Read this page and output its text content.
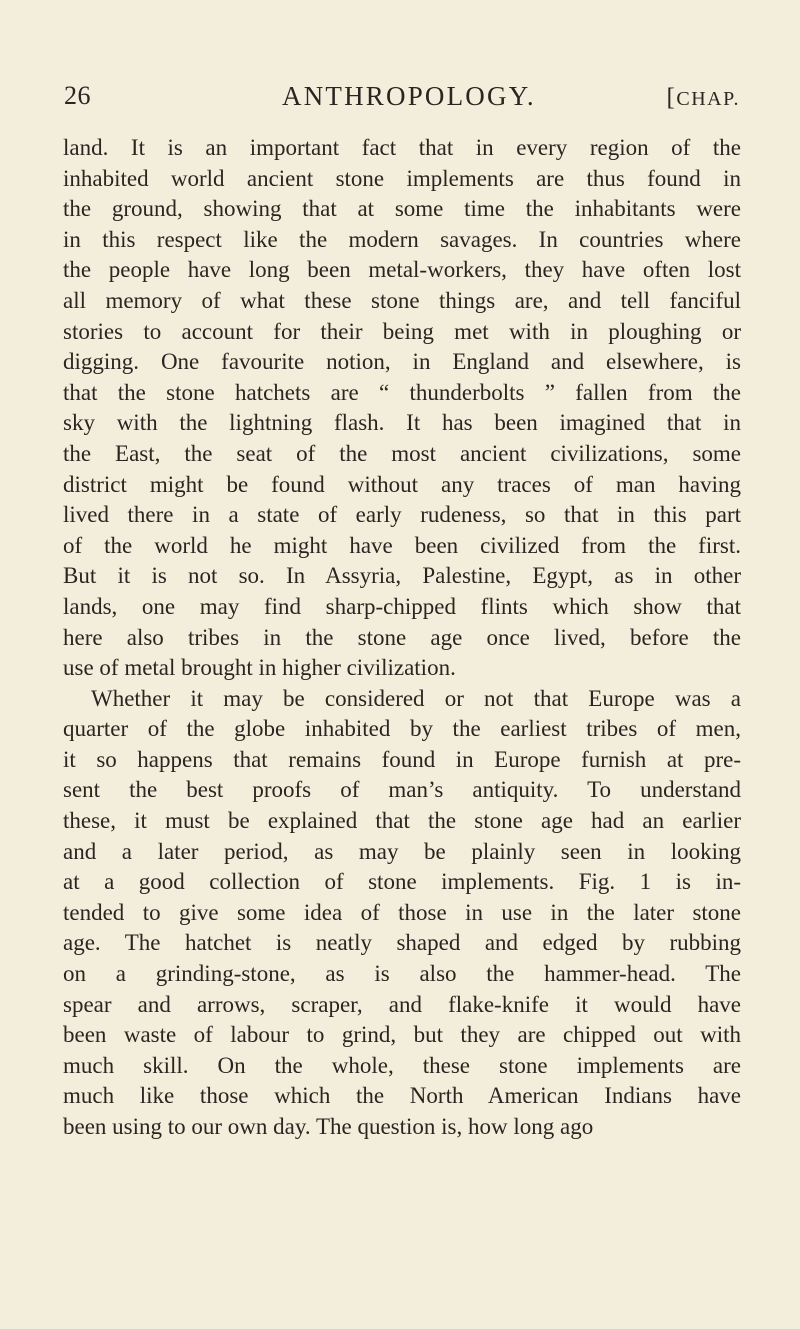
26	ANTHROPOLOGY.	[CHAP.
land. It is an important fact that in every region of the
inhabited world ancient stone implements are thus found in
the ground, showing that at some time the inhabitants were
in this respect like the modern savages. In countries where
the people have long been metal-workers, they have often lost
all memory of what these stone things are, and tell fanciful
stories to account for their being met with in ploughing or
digging. One favourite notion, in England and elsewhere, is
that the stone hatchets are “ thunderbolts ” fallen from the
sky with the lightning flash. It has been imagined that in
the East, the seat of the most ancient civilizations, some
district might be found without any traces of man having
lived there in a state of early rudeness, so that in this part
of the world he might have been civilized from the first.
But it is not so. In Assyria, Palestine, Egypt, as in other
lands, one may find sharp-chipped flints which show that
here also tribes in the stone age once lived, before the
use of metal brought in higher civilization.
Whether it may be considered or not that Europe was a
quarter of the globe inhabited by the earliest tribes of men,
it so happens that remains found in Europe furnish at pre-
sent the best proofs of man’s antiquity. To understand
these, it must be explained that the stone age had an earlier
and a later period, as may be plainly seen in looking
at a good collection of stone implements. Fig. 1 is in-
tended to give some idea of those in use in the later stone
age. The hatchet is neatly shaped and edged by rubbing
on a grinding-stone, as is also the hammer-head. The
spear and arrows, scraper, and flake-knife it would have
been waste of labour to grind, but they are chipped out with
much skill. On the whole, these stone implements are
much like those which the North American Indians have
been using to our own day. The question is, how long ago
